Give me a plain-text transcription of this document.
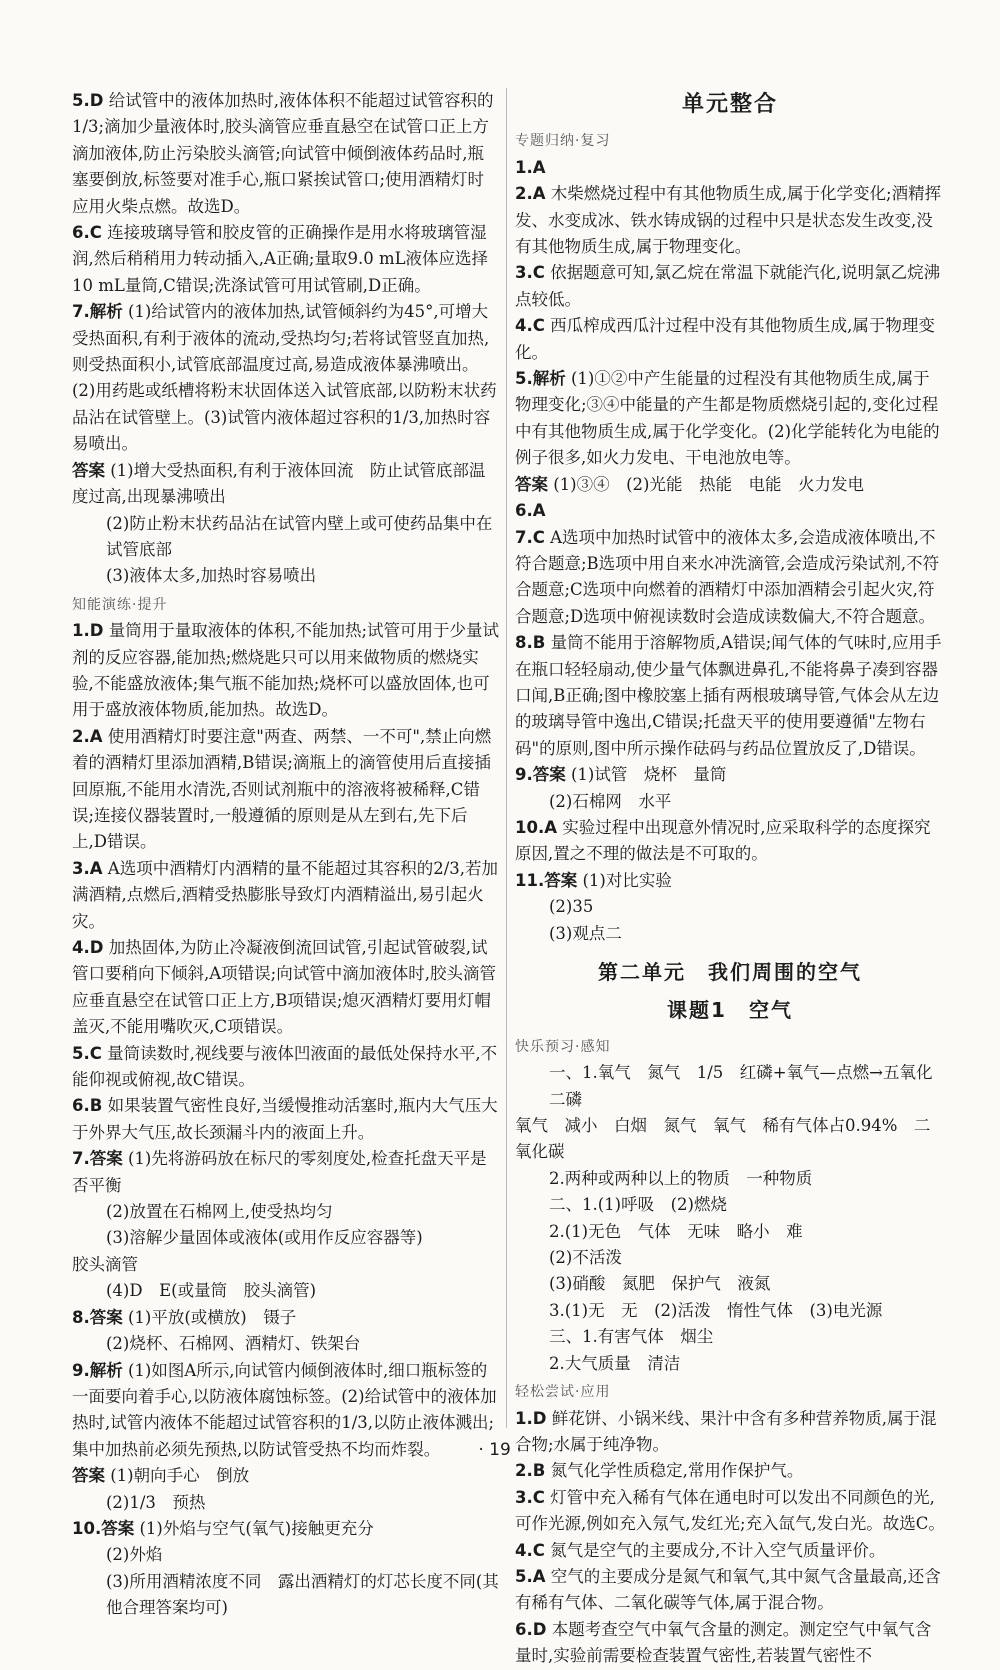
5.D 给试管中的液体加热时,液体体积不能超过试管容积的1/3;滴加少量液体时,胶头滴管应垂直悬空在试管口正上方滴加液体,防止污染胶头滴管;向试管中倾倒液体药品时,瓶塞要倒放,标签要对准手心,瓶口紧挨试管口;使用酒精灯时应用火柴点燃。故选D。

6.C 连接玻璃导管和胶皮管的正确操作是用水将玻璃管湿润,然后稍稍用力转动插入,A正确;量取9.0 mL液体应选择10 mL量筒,C错误;洗涤试管可用试管刷,D正确。

7.解析 (1)给试管内的液体加热,试管倾斜约为45°,可增大受热面积,有利于液体的流动,受热均匀;若将试管竖直加热,则受热面积小,试管底部温度过高,易造成液体暴沸喷出。(2)用药匙或纸槽将粉末状固体送入试管底部,以防粉末状药品沾在试管壁上。(3)试管内液体超过容积的1/3,加热时容易喷出。

答案 (1)增大受热面积,有利于液体回流　防止试管底部温度过高,出现暴沸喷出

(2)防止粉末状药品沾在试管内壁上或可使药品集中在试管底部

(3)液体太多,加热时容易喷出

知能演练·提升

1.D 量筒用于量取液体的体积,不能加热;试管可用于少量试剂的反应容器,能加热;燃烧匙只可以用来做物质的燃烧实验,不能盛放液体;集气瓶不能加热;烧杯可以盛放固体,也可用于盛放液体物质,能加热。故选D。

2.A 使用酒精灯时要注意"两查、两禁、一不可",禁止向燃着的酒精灯里添加酒精,B错误;滴瓶上的滴管使用后直接插回原瓶,不能用水清洗,否则试剂瓶中的溶液将被稀释,C错误;连接仪器装置时,一般遵循的原则是从左到右,先下后上,D错误。

3.A A选项中酒精灯内酒精的量不能超过其容积的2/3,若加满酒精,点燃后,酒精受热膨胀导致灯内酒精溢出,易引起火灾。

4.D 加热固体,为防止冷凝液倒流回试管,引起试管破裂,试管口要稍向下倾斜,A项错误;向试管中滴加液体时,胶头滴管应垂直悬空在试管口正上方,B项错误;熄灭酒精灯要用灯帽盖灭,不能用嘴吹灭,C项错误。

5.C 量筒读数时,视线要与液体凹液面的最低处保持水平,不能仰视或俯视,故C错误。

6.B 如果装置气密性良好,当缓慢推动活塞时,瓶内大气压大于外界大气压,故长颈漏斗内的液面上升。

7.答案 (1)先将游码放在标尺的零刻度处,检查托盘天平是否平衡

(2)放置在石棉网上,使受热均匀

(3)溶解少量固体或液体(或用作反应容器等)

胶头滴管

(4)D　E(或量筒　胶头滴管)

8.答案 (1)平放(或横放)　镊子

(2)烧杯、石棉网、酒精灯、铁架台

9.解析 (1)如图A所示,向试管内倾倒液体时,细口瓶标签的一面要向着手心,以防液体腐蚀标签。(2)给试管中的液体加热时,试管内液体不能超过试管容积的1/3,以防止液体溅出;集中加热前必须先预热,以防试管受热不均而炸裂。

答案 (1)朝向手心　倒放

(2)1/3　预热

10.答案 (1)外焰与空气(氧气)接触更充分

(2)外焰

(3)所用酒精浓度不同　露出酒精灯的灯芯长度不同(其他合理答案均可)

单元整合
专题归纳·复习

1.A

2.A 木柴燃烧过程中有其他物质生成,属于化学变化;酒精挥发、水变成冰、铁水铸成锅的过程中只是状态发生改变,没有其他物质生成,属于物理变化。

3.C 依据题意可知,氯乙烷在常温下就能汽化,说明氯乙烷沸点较低。

4.C 西瓜榨成西瓜汁过程中没有其他物质生成,属于物理变化。

5.解析 (1)①②中产生能量的过程没有其他物质生成,属于物理变化;③④中能量的产生都是物质燃烧引起的,变化过程中有其他物质生成,属于化学变化。(2)化学能转化为电能的例子很多,如火力发电、干电池放电等。

答案 (1)③④　(2)光能　热能　电能　火力发电

6.A

7.C A选项中加热时试管中的液体太多,会造成液体喷出,不符合题意;B选项中用自来水冲洗滴管,会造成污染试剂,不符合题意;C选项中向燃着的酒精灯中添加酒精会引起火灾,符合题意;D选项中俯视读数时会造成读数偏大,不符合题意。

8.B 量筒不能用于溶解物质,A错误;闻气体的气味时,应用手在瓶口轻轻扇动,使少量气体飘进鼻孔,不能将鼻子凑到容器口闻,B正确;图中橡胶塞上插有两根玻璃导管,气体会从左边的玻璃导管中逸出,C错误;托盘天平的使用要遵循"左物右码"的原则,图中所示操作砝码与药品位置放反了,D错误。

9.答案 (1)试管　烧杯　量筒

(2)石棉网　水平

10.A 实验过程中出现意外情况时,应采取科学的态度探究原因,置之不理的做法是不可取的。

11.答案 (1)对比实验

(2)35

(3)观点二

第二单元　我们周围的空气
课题1　空气
快乐预习·感知

一、1.氧气　氮气　1/5　红磷+氧气—点燃→五氧化二磷

氧气　减小　白烟　氮气　氧气　稀有气体占0.94%　二氧化碳

2.两种或两种以上的物质　一种物质

二、1.(1)呼吸　(2)燃烧

2.(1)无色　气体　无味　略小　难

(2)不活泼

(3)硝酸　氮肥　保护气　液氮

3.(1)无　无　(2)活泼　惰性气体　(3)电光源

三、1.有害气体　烟尘

2.大气质量　清洁

轻松尝试·应用

1.D 鲜花饼、小锅米线、果汁中含有多种营养物质,属于混合物;水属于纯净物。

2.B 氮气化学性质稳定,常用作保护气。

3.C 灯管中充入稀有气体在通电时可以发出不同颜色的光,可作光源,例如充入氖气,发红光;充入氙气,发白光。故选C。

4.C 氮气是空气的主要成分,不计入空气质量评价。

5.A 空气的主要成分是氮气和氧气,其中氮气含量最高,还含有稀有气体、二氧化碳等气体,属于混合物。

6.D 本题考查空气中氧气含量的测定。测定空气中氧气含量时,实验前需要检查装置气密性,若装置气密性不

· 19 ·
